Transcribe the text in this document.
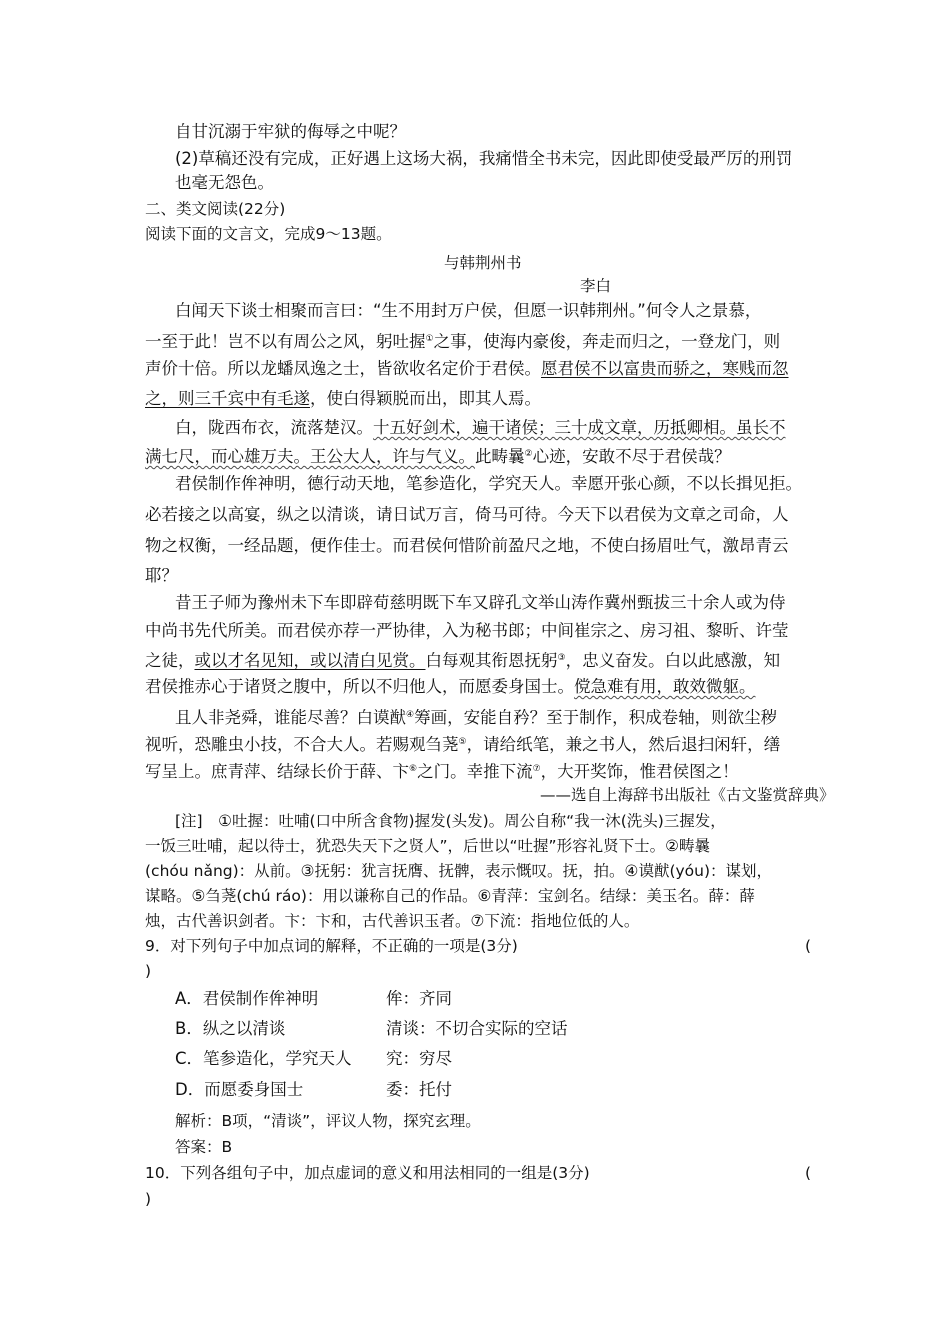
自甘沉溺于牢狱的侮辱之中呢？
(2)草稿还没有完成，正好遇上这场大祸，我痛惜全书未完，因此即使受最严厉的刑罚
也毫无怨色。
二、类文阅读(22分)
阅读下面的文言文，完成9～13题。
与韩荆州书
李白
白闻天下谈士相聚而言曰：“生不用封万户侯，但愿一识韩荆州。”何令人之景慕，
一至于此！岂不以有周公之风，躬吐握①之事，使海内豪俊，奔走而归之，一登龙门，则
声价十倍。所以龙蟠凤逸之士，皆欲收名定价于君侯。愿君侯不以富贵而骄之，寒贱而忽
之，则三千宾中有毛遂，使白得颖脱而出，即其人焉。
白，陇西布衣，流落楚汉。十五好剑术，遍干诸侯；三十成文章，历抵卿相。虽长不
满七尺，而心雄万夫。王公大人，许与气义。此畴曩②心迹，安敢不尽于君侯哉？
君侯制作侔神明，德行动天地，笔参造化，学究天人。幸愿开张心颜，不以长揖见拒。
必若接之以高宴，纵之以清谈，请日试万言，倚马可待。今天下以君侯为文章之司命，人
物之权衡，一经品题，便作佳士。而君侯何惜阶前盈尺之地，不使白扬眉吐气，激昂青云
耶？
昔王子师为豫州未下车即辟荀慈明既下车又辟孔文举山涛作冀州甄拔三十余人或为侍
中尚书先代所美。而君侯亦荐一严协律，入为秘书郎；中间崔宗之、房习祖、黎昕、许莹
之徒，或以才名见知，或以清白见赏。白每观其衔恩抚躬③，忠义奋发。白以此感激，知
君侯推赤心于诸贤之腹中，所以不归他人，而愿委身国士。傥急难有用，敢效微躯。
且人非尧舜，谁能尽善？白谟猷④筹画，安能自矜？至于制作，积成卷轴，则欲尘秽
视听，恐雕虫小技，不合大人。若赐观刍荛⑤，请给纸笔，兼之书人，然后退扫闲轩，缮
写呈上。庶青萍、结绿长价于薛、卞⑥之门。幸推下流⑦，大开奖饰，惟君侯图之！
——选自上海辞书出版社《古文鉴赏辞典》
[注]　①吐握：吐哺(口中所含食物)握发(头发)。周公自称“我一沐(洗头)三握发，
一饭三吐哺，起以待士，犹恐失天下之贤人”，后世以“吐握”形容礼贤下士。②畴曩
(chóu nǎng)：从前。③抚躬：犹言抚膺、抚髀，表示慨叹。抚，拍。④谟猷(yóu)：谋划，
谋略。⑤刍荛(chú ráo)：用以谦称自己的作品。⑥青萍：宝剑名。结绿：美玉名。薛：薛
烛，古代善识剑者。卞：卞和，古代善识玉者。⑦下流：指地位低的人。
9．对下列句子中加点词的解释，不正确的一项是(3分)	(
)
A．君侯制作侔神明	侔：齐同
B．纵之以清谈	清谈：不切合实际的空话
C．笔参造化，学究天人 究：穷尽
D．而愿委身国士	委：托付
解析：B项，“清谈”，评议人物，探究玄理。
答案：B
10．下列各组句子中，加点虚词的意义和用法相同的一组是(3分)	(
)
